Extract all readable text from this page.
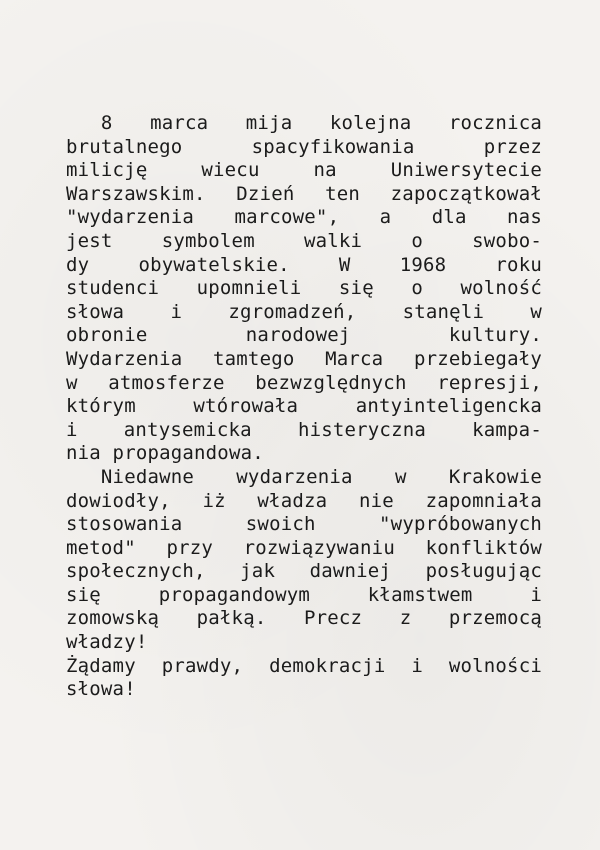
8 marca mija kolejna rocznica
brutalnego	spacyfikowania	przez
milicję	wiecu	na	Uniwersytecie
Warszawskim. Dzień ten zapoczątkował
"wydarzenia marcowe", a dla nas
jest	symbolem	walki	o	swobo-
dy	obywatelskie.	W	1968	roku
studenci upomnieli się o wolność
słowa i zgromadzeń, stanęli w
obronie	narodowej	kultury.
Wydarzenia tamtego Marca przebiegały
w atmosferze bezwzględnych represji,
którym	wtórowała	antyinteligencka
i antysemicka histeryczna kampa-
nia propagandowa.
Niedawne wydarzenia w Krakowie
dowiodły, iż władza nie zapomniała
stosowania	swoich	"wypróbowanych
metod" przy rozwiązywaniu konfliktów
społecznych, jak dawniej posługując
się	propagandowym	kłamstwem	i
zomowską pałką. Precz z przemocą
władzy!
Żądamy prawdy, demokracji i wolności
słowa!
